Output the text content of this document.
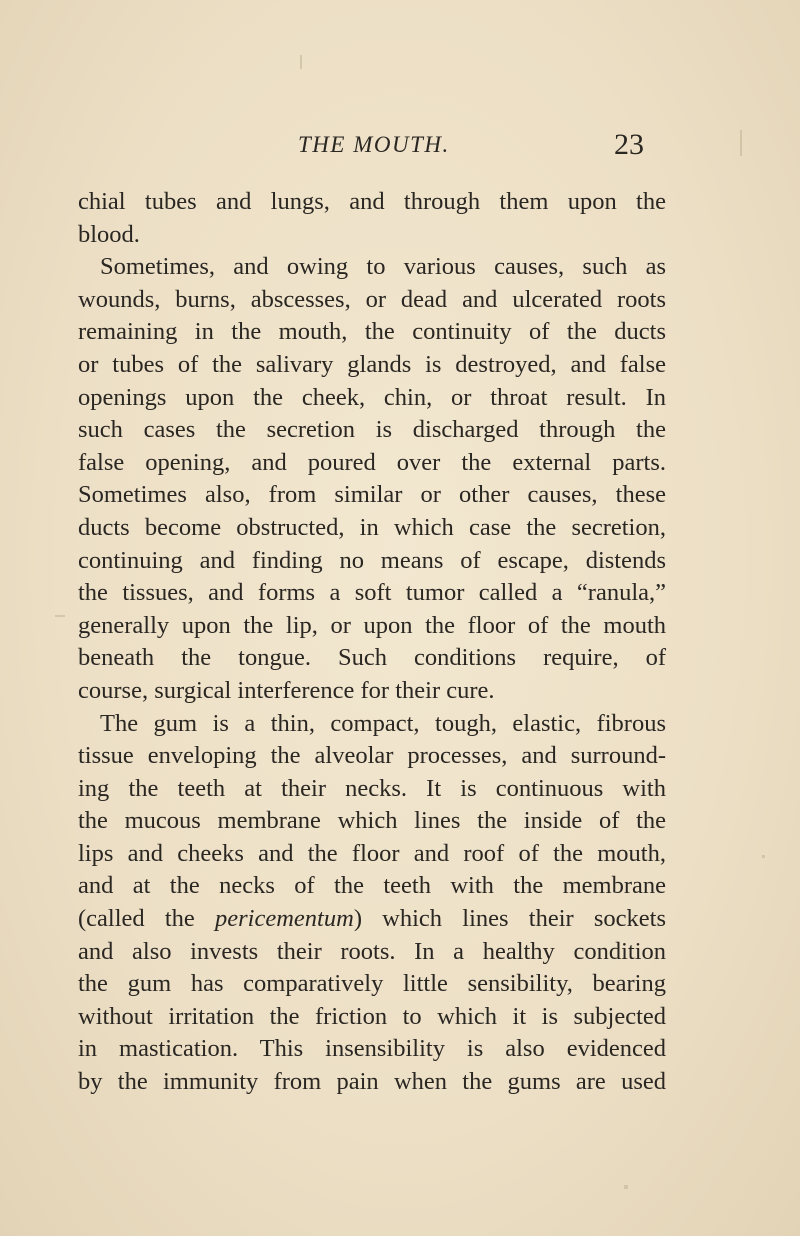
THE MOUTH.	23
chial tubes and lungs, and through them upon the
blood.
Sometimes, and owing to various causes, such as
wounds, burns, abscesses, or dead and ulcerated roots
remaining in the mouth, the continuity of the ducts
or tubes of the salivary glands is destroyed, and false
openings upon the cheek, chin, or throat result. In
such cases the secretion is discharged through the
false opening, and poured over the external parts.
Sometimes also, from similar or other causes, these
ducts become obstructed, in which case the secretion,
continuing and finding no means of escape, distends
the tissues, and forms a soft tumor called a “ranula,”
generally upon the lip, or upon the floor of the mouth
beneath the tongue. Such conditions require, of
course, surgical interference for their cure.
The gum is a thin, compact, tough, elastic, fibrous
tissue enveloping the alveolar processes, and surround-
ing the teeth at their necks. It is continuous with
the mucous membrane which lines the inside of the
lips and cheeks and the floor and roof of the mouth,
and at the necks of the teeth with the membrane
(called the pericementum) which lines their sockets
and also invests their roots. In a healthy condition
the gum has comparatively little sensibility, bearing
without irritation the friction to which it is subjected
in mastication. This insensibility is also evidenced
by the immunity from pain when the gums are used
